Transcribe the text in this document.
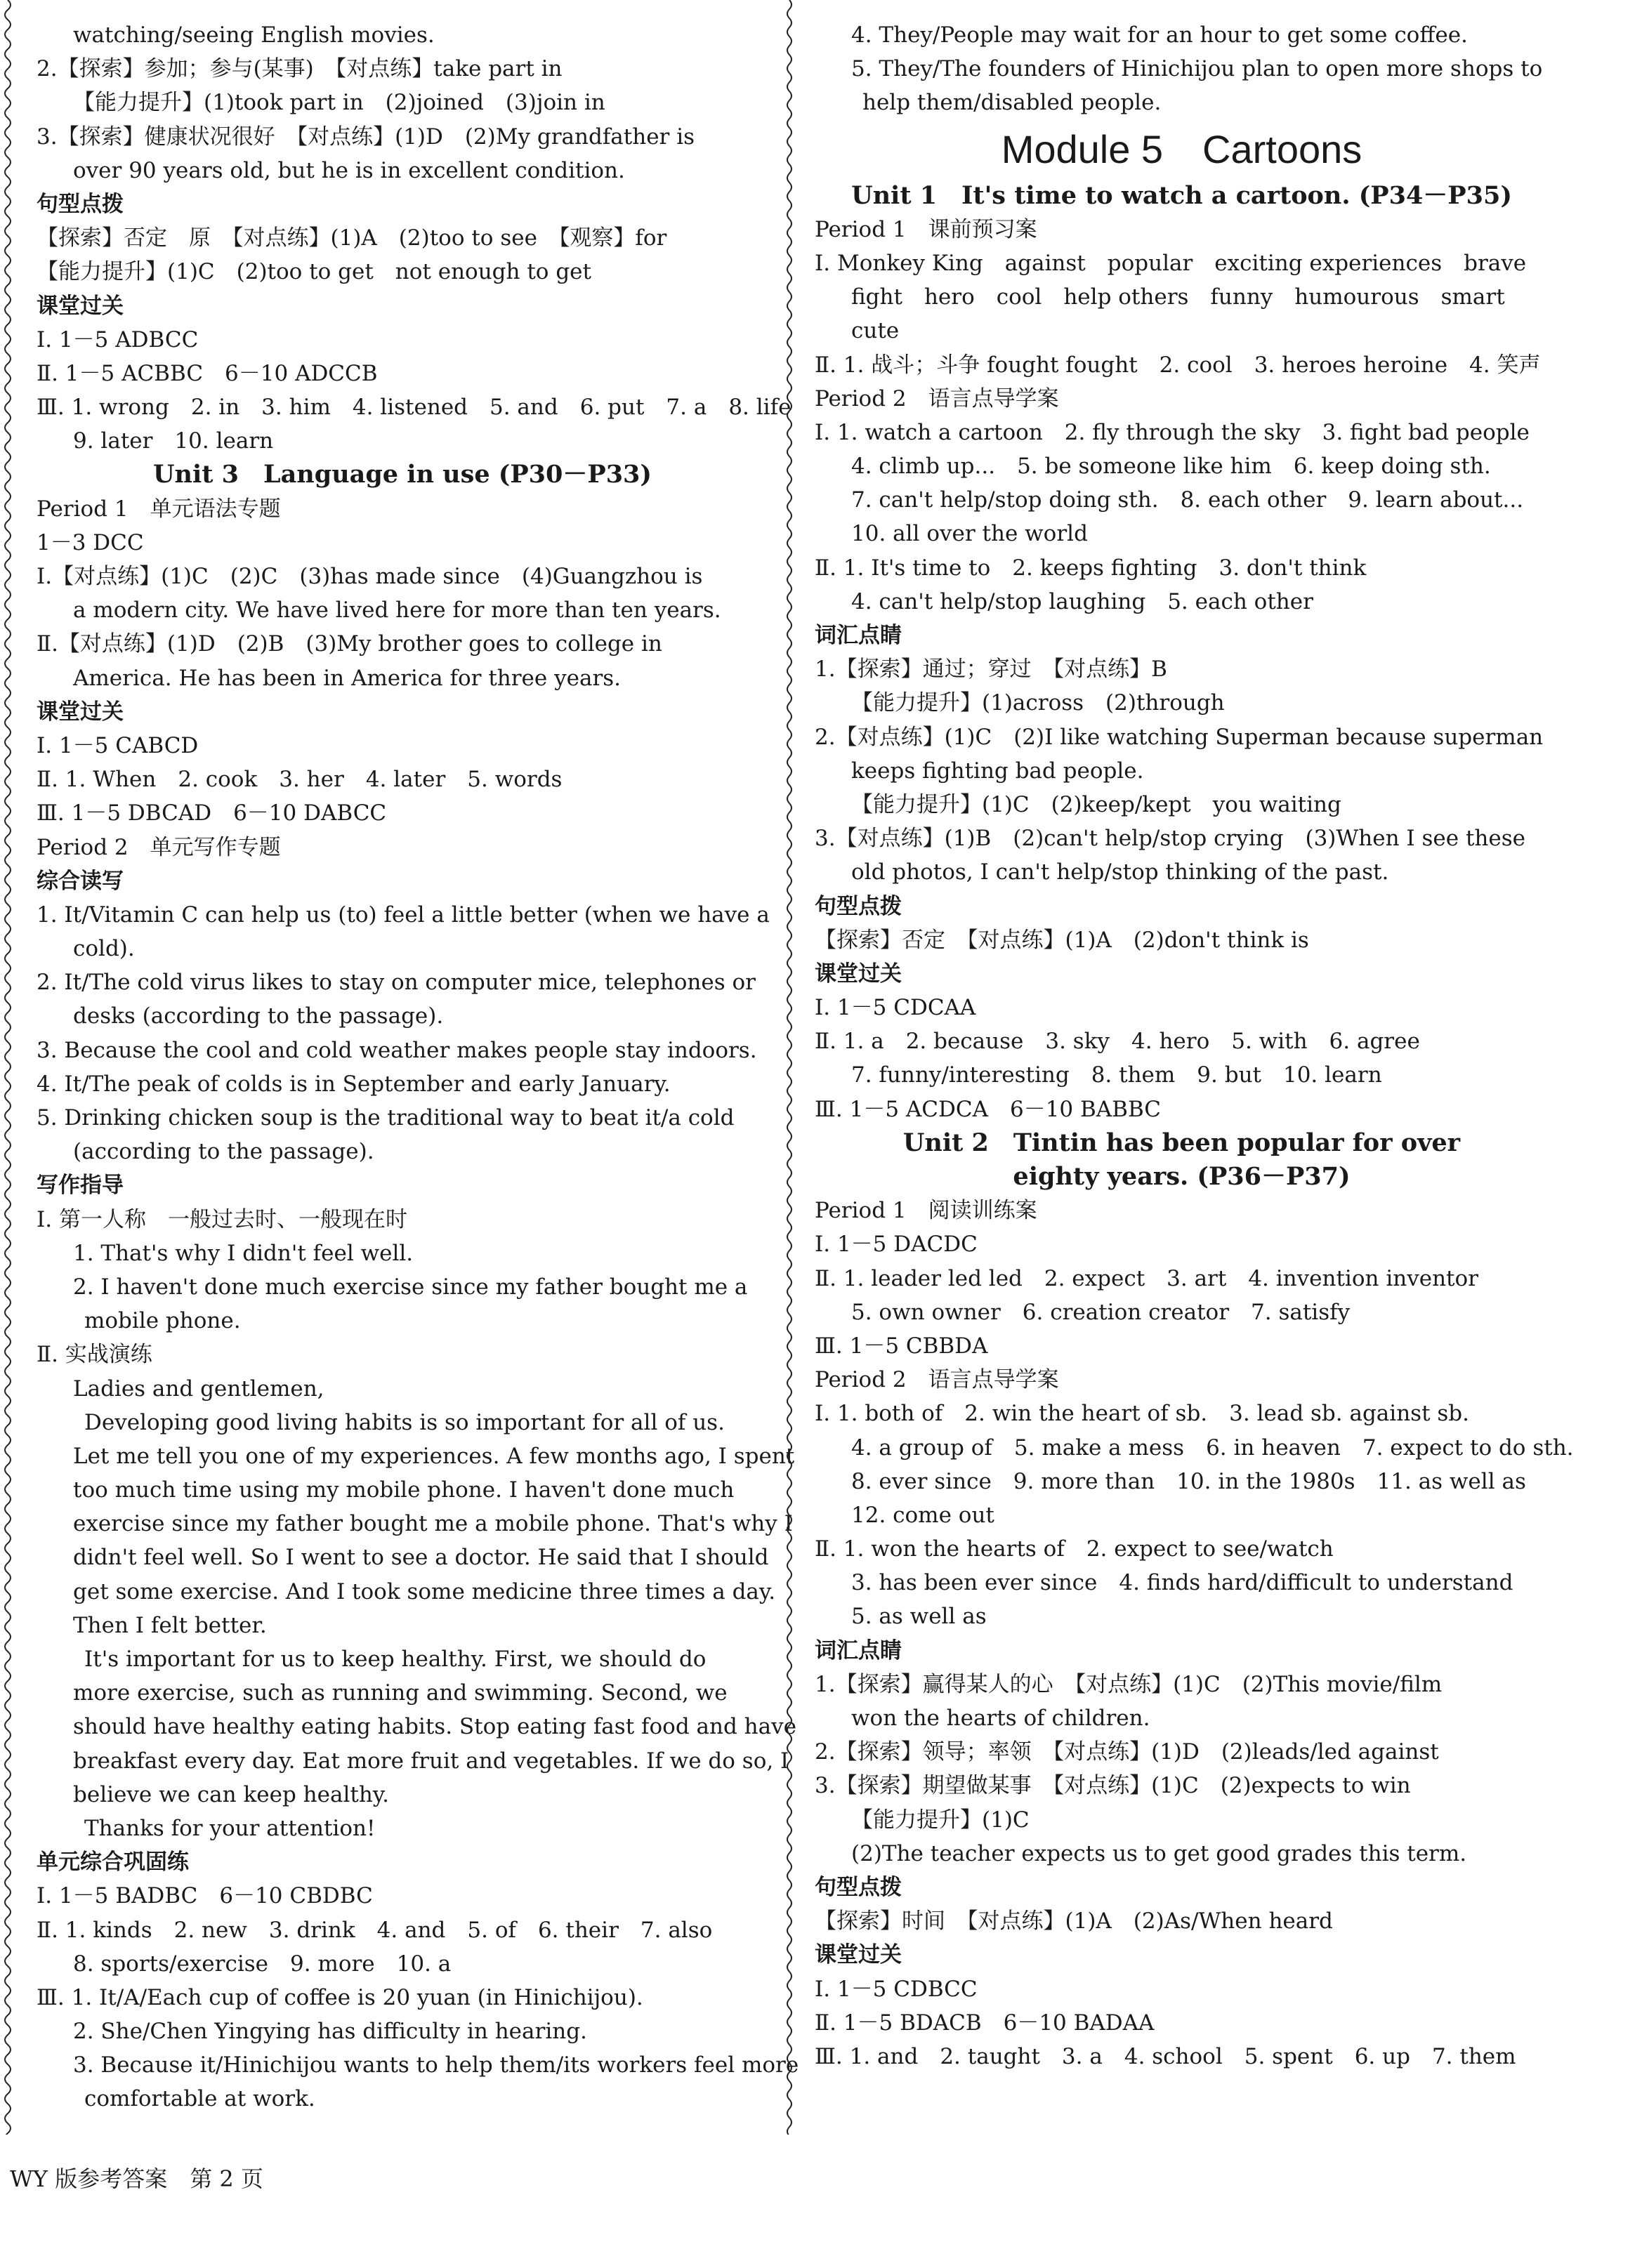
watching/seeing English movies.
2.【探索】参加；参与(某事)　【对点练】take part in
【能力提升】(1)took part in　(2)joined　(3)join in
3.【探索】健康状况很好　【对点练】(1)D　(2)My grandfather is
over 90 years old, but he is in excellent condition.
句型点拨
【探索】否定　原　【对点练】(1)A　(2)too to see　【观察】for
【能力提升】(1)C　(2)too to get　not enough to get
课堂过关
Ⅰ. 1－5 ADBCC
Ⅱ. 1－5 ACBBC　6－10 ADCCB
Ⅲ. 1. wrong　2. in　3. him　4. listened　5. and　6. put　7. a　8. life
9. later　10. learn
Unit 3　Language in use (P30－P33)
Period 1　单元语法专题
1－3 DCC
Ⅰ.【对点练】(1)C　(2)C　(3)has made since　(4)Guangzhou is
a modern city. We have lived here for more than ten years.
Ⅱ.【对点练】(1)D　(2)B　(3)My brother goes to college in
America. He has been in America for three years.
课堂过关
Ⅰ. 1－5 CABCD
Ⅱ. 1. When　2. cook　3. her　4. later　5. words
Ⅲ. 1－5 DBCAD　6－10 DABCC
Period 2　单元写作专题
综合读写
1. It/Vitamin C can help us (to) feel a little better (when we have a
cold).
2. It/The cold virus likes to stay on computer mice, telephones or
desks (according to the passage).
3. Because the cool and cold weather makes people stay indoors.
4. It/The peak of colds is in September and early January.
5. Drinking chicken soup is the traditional way to beat it/a cold
(according to the passage).
写作指导
Ⅰ. 第一人称　一般过去时、一般现在时
1. That's why I didn't feel well.
2. I haven't done much exercise since my father bought me a
mobile phone.
Ⅱ. 实战演练
Ladies and gentlemen,
Developing good living habits is so important for all of us.
Let me tell you one of my experiences. A few months ago, I spent
too much time using my mobile phone. I haven't done much
exercise since my father bought me a mobile phone. That's why I
didn't feel well. So I went to see a doctor. He said that I should
get some exercise. And I took some medicine three times a day.
Then I felt better.
It's important for us to keep healthy. First, we should do
more exercise, such as running and swimming. Second, we
should have healthy eating habits. Stop eating fast food and have
breakfast every day. Eat more fruit and vegetables. If we do so, I
believe we can keep healthy.
Thanks for your attention!
单元综合巩固练
Ⅰ. 1－5 BADBC　6－10 CBDBC
Ⅱ. 1. kinds　2. new　3. drink　4. and　5. of　6. their　7. also
8. sports/exercise　9. more　10. a
Ⅲ. 1. It/A/Each cup of coffee is 20 yuan (in Hinichijou).
2. She/Chen Yingying has difficulty in hearing.
3. Because it/Hinichijou wants to help them/its workers feel more
comfortable at work.
4. They/People may wait for an hour to get some coffee.
5. They/The founders of Hinichijou plan to open more shops to
help them/disabled people.
Module 5　Cartoons
Unit 1　It's time to watch a cartoon. (P34－P35)
Period 1　课前预习案
Ⅰ. Monkey King　against　popular　exciting experiences　brave
fight　hero　cool　help others　funny　humourous　smart
cute
Ⅱ. 1. 战斗；斗争 fought fought　2. cool　3. heroes heroine　4. 笑声
Period 2　语言点导学案
Ⅰ. 1. watch a cartoon　2. fly through the sky　3. fight bad people
4. climb up...　5. be someone like him　6. keep doing sth.
7. can't help/stop doing sth.　8. each other　9. learn about...
10. all over the world
Ⅱ. 1. It's time to　2. keeps fighting　3. don't think
4. can't help/stop laughing　5. each other
词汇点睛
1.【探索】通过；穿过　【对点练】B
【能力提升】(1)across　(2)through
2.【对点练】(1)C　(2)I like watching Superman because superman
keeps fighting bad people.
【能力提升】(1)C　(2)keep/kept　you waiting
3.【对点练】(1)B　(2)can't help/stop crying　(3)When I see these
old photos, I can't help/stop thinking of the past.
句型点拨
【探索】否定　【对点练】(1)A　(2)don't think is
课堂过关
Ⅰ. 1－5 CDCAA
Ⅱ. 1. a　2. because　3. sky　4. hero　5. with　6. agree
7. funny/interesting　8. them　9. but　10. learn
Ⅲ. 1－5 ACDCA　6－10 BABBC
Unit 2　Tintin has been popular for over
eighty years. (P36－P37)
Period 1　阅读训练案
Ⅰ. 1－5 DACDC
Ⅱ. 1. leader led led　2. expect　3. art　4. invention inventor
5. own owner　6. creation creator　7. satisfy
Ⅲ. 1－5 CBBDA
Period 2　语言点导学案
Ⅰ. 1. both of　2. win the heart of sb.　3. lead sb. against sb.
4. a group of　5. make a mess　6. in heaven　7. expect to do sth.
8. ever since　9. more than　10. in the 1980s　11. as well as
12. come out
Ⅱ. 1. won the hearts of　2. expect to see/watch
3. has been ever since　4. finds hard/difficult to understand
5. as well as
词汇点睛
1.【探索】赢得某人的心　【对点练】(1)C　(2)This movie/film
won the hearts of children.
2.【探索】领导；率领　【对点练】(1)D　(2)leads/led against
3.【探索】期望做某事　【对点练】(1)C　(2)expects to win
【能力提升】(1)C
(2)The teacher expects us to get good grades this term.
句型点拨
【探索】时间　【对点练】(1)A　(2)As/When heard
课堂过关
Ⅰ. 1－5 CDBCC
Ⅱ. 1－5 BDACB　6－10 BADAA
Ⅲ. 1. and　2. taught　3. a　4. school　5. spent　6. up　7. them
WY 版参考答案　第 2 页
